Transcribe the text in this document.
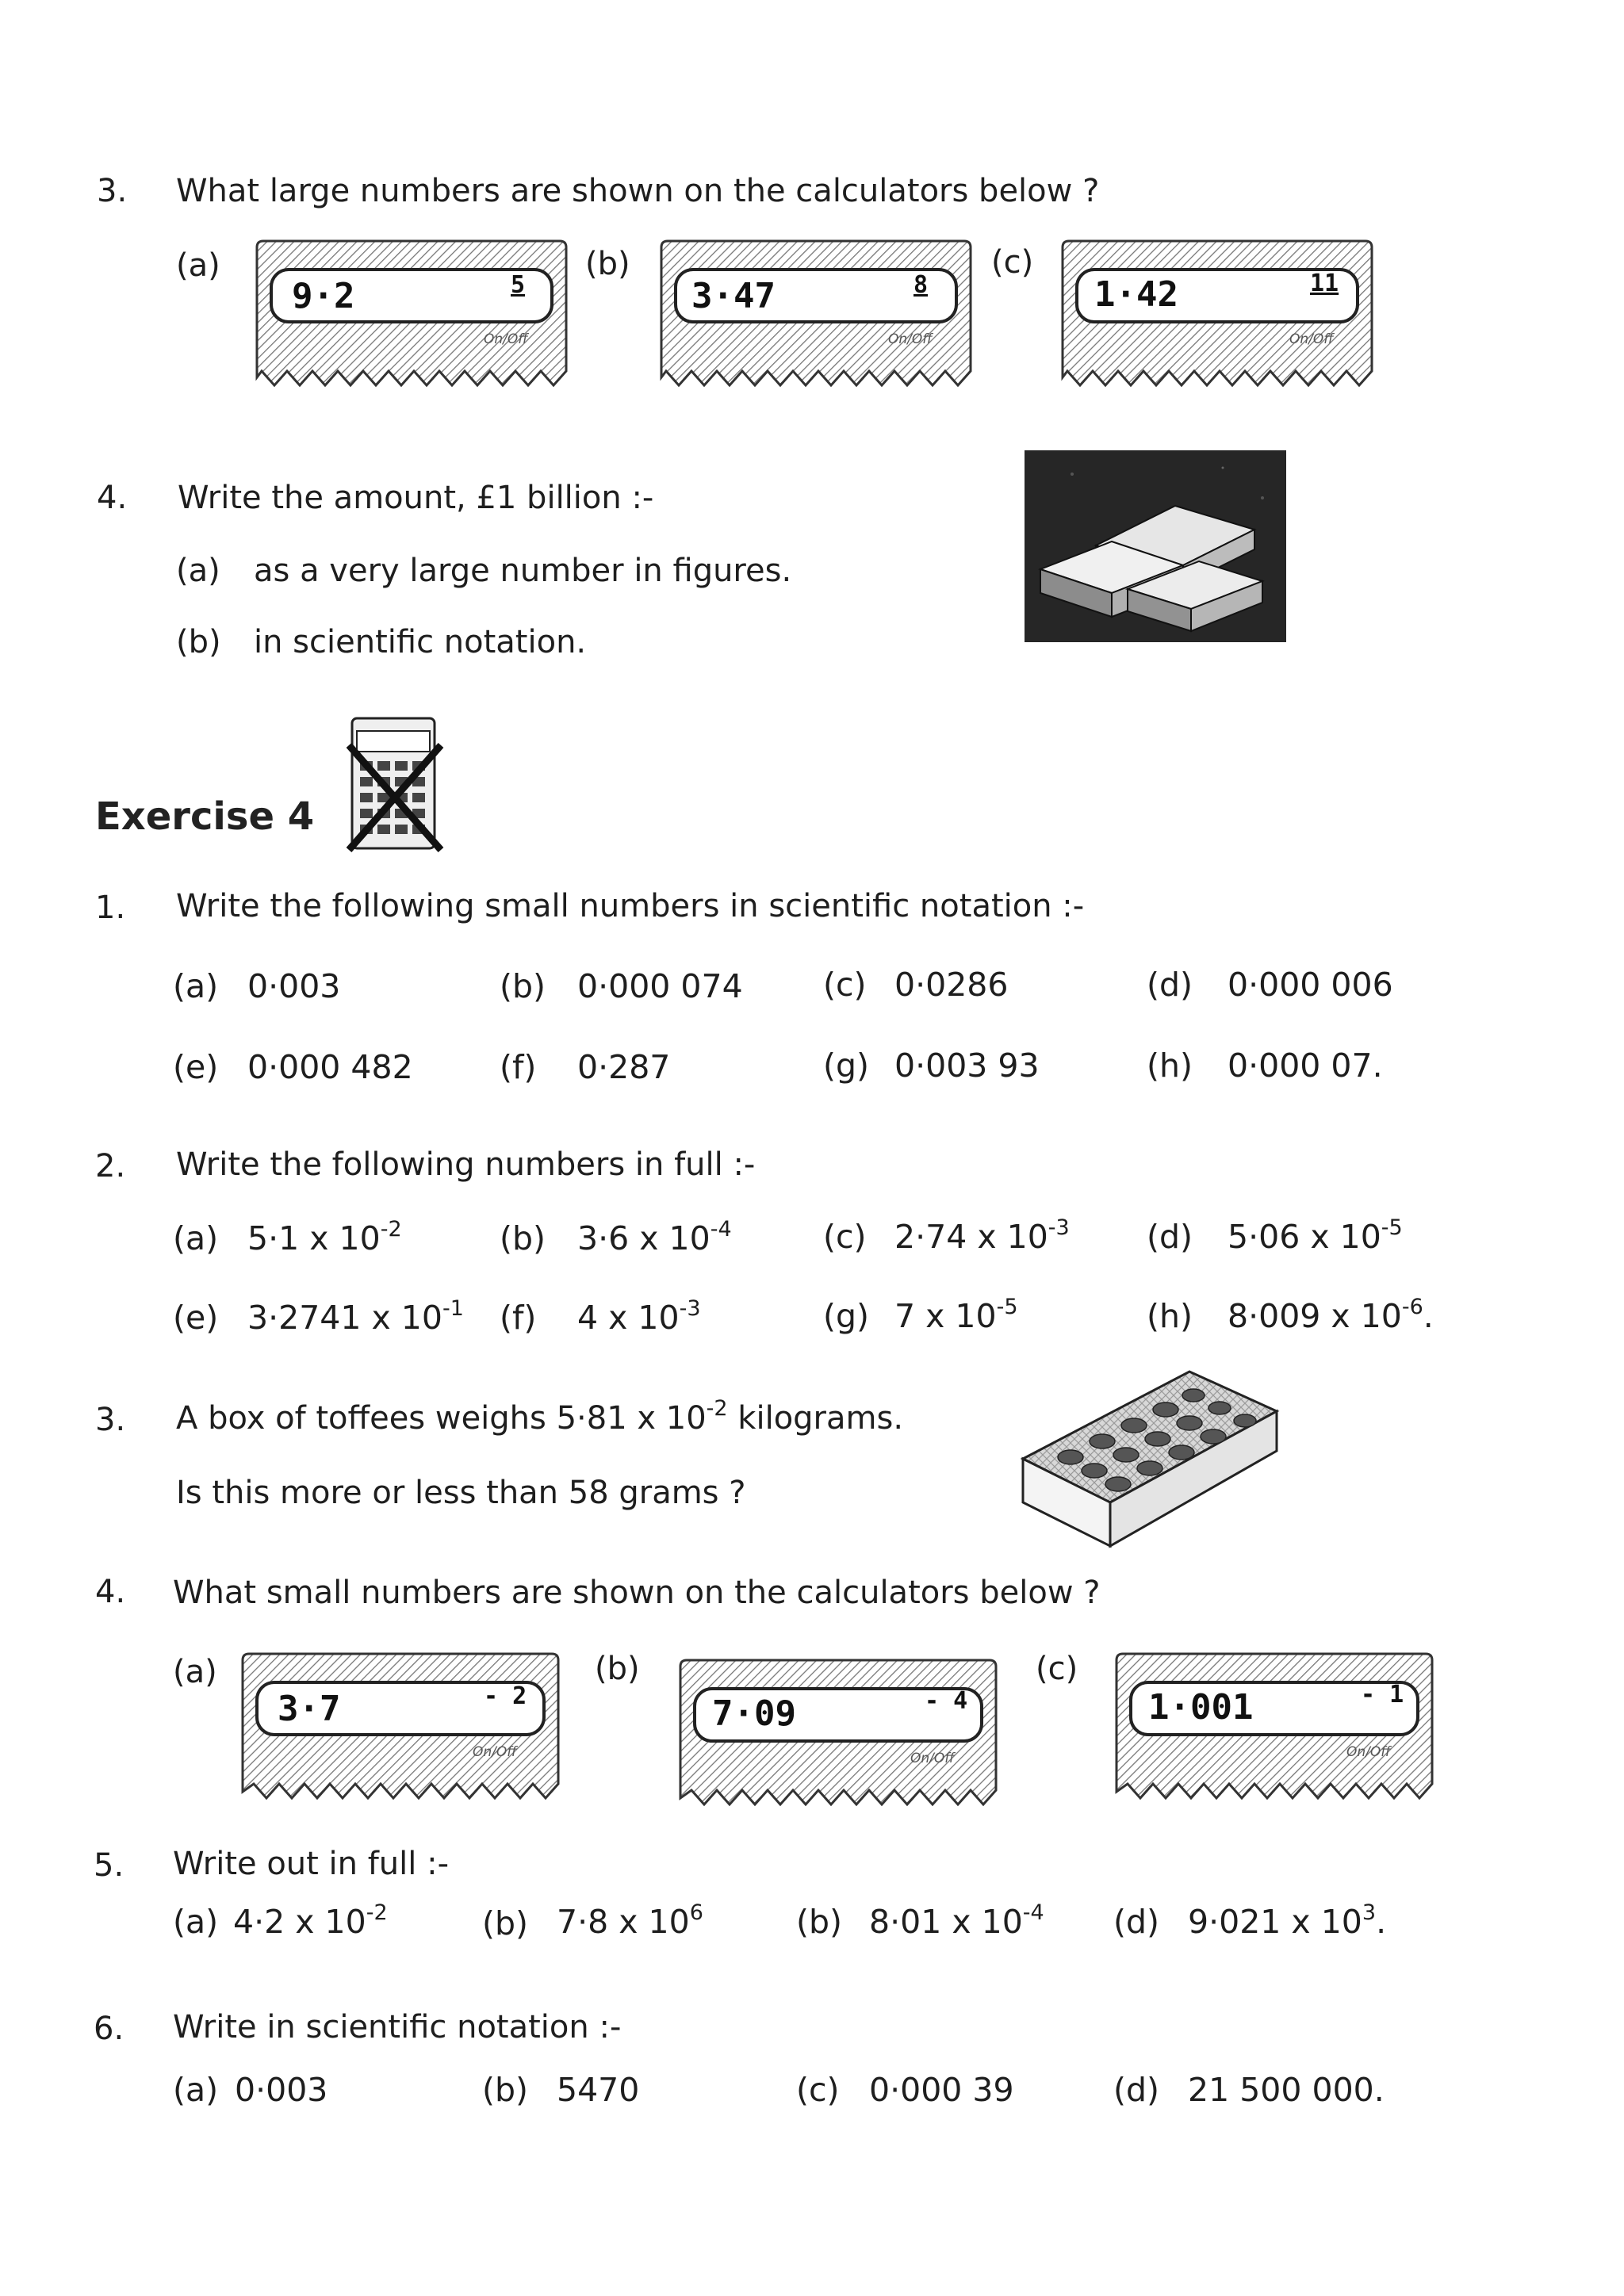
3. What large numbers are shown on the calculators below ?
(a)
9·2	5
On/Off
(b)
3·47	8
On/Off
(c)
1·42	11
On/Off
4. Write the amount, £1 billion :-
(a) as a very large number in figures.
(b) in scientific notation.
Exercise 4
1. Write the following small numbers in scientific notation :-
(a) 0·003	(b) 0·000 074 (c) 0·0286	(d) 0·000 006
(e) 0·000 482	(f) 0·287	(g) 0·003 93	(h) 0·000 07.
2. Write the following numbers in full :-
(a) 5·1 x $10^{-2}$	(b) 3·6 x $10^{-4}$	(c) 2·74 x $10^{-3}$ (d) 5·06 x $10^{-5}$
(e) 3·2741 x $10^{-1}$ (f) 4 x $10^{-3}$	(g) 7 x $10^{-5}$	(h) 8·009 x $10^{-6}$.
3. A box of toffees weighs 5·81 x $10^{-2}$ kilograms.
Is this more or less than 58 grams ?
4. What small numbers are shown on the calculators below ?
(a)
3·7	- 2
On/Off
(b)
7·09	- 4
On/Off
(c)
1·001	- 1
On/Off
5. Write out in full :-
(a) 4·2 x $10^{-2}$	(b) 7·8 x $10^6$	(b) 8·01 x $10^{-4}$ (d) 9·021 x $10^3$.
6. Write in scientific notation :-
(a) 0·003	(b) 5470	(c) 0·000 39	(d) 21 500 000.
